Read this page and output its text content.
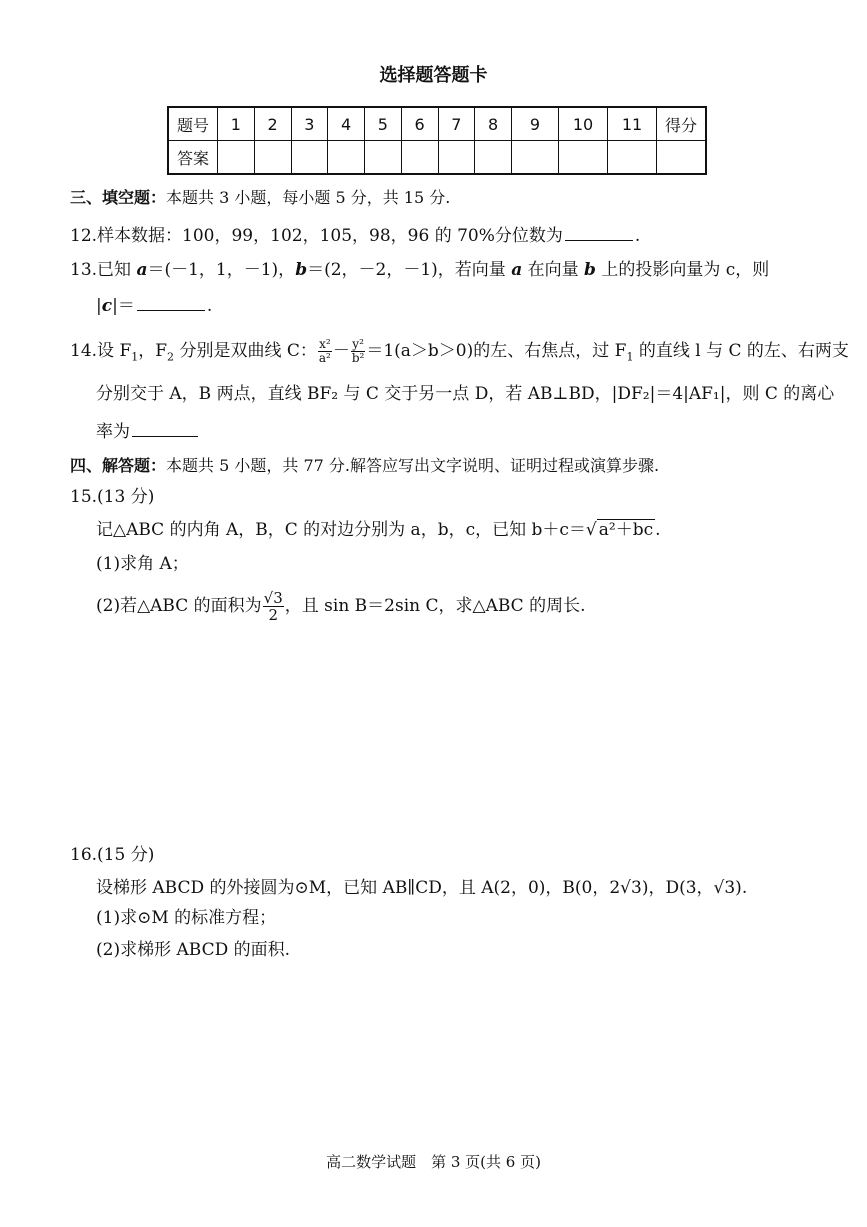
选择题答题卡
题号	1	2	3	4	5	6	7	8	9	10	11	得分
答案												
三、填空题：本题共 3 小题，每小题 5 分，共 15 分.
12.样本数据：100，99，102，105，98，96 的 70%分位数为	.
13.已知 a＝(－1，1，－1)，b＝(2，－2，－1)，若向量 a 在向量 b 上的投影向量为 c，则
|c|＝	.
14.设 $F_1$，$F_2$ 分别是双曲线 C： $\frac{\text{x²}}{\text{a²}} - \frac{\text{y²}}{\text{b²}} =1(a>b>0)$的左、右焦点，过 $F_1$ 的直线 l 与 C 的左、右两支
分别交于 A，B 两点，直线 BF₂ 与 C 交于另一点 D，若 AB⊥BD，|DF₂|＝4|AF₁|，则 C 的离心
率为
四、解答题：本题共 5 小题，共 77 分.解答应写出文字说明、证明过程或演算步骤.
15.(13 分)
记△ABC 的内角 A，B，C 的对边分别为 a，b，c，已知 b＋c＝√ a²＋bc .
(1)求角 A；
(2)若△ABC 的面积为 $\frac{√3}{2}$ ，且 sin B＝2sin C，求△ABC 的周长.
16.(15 分)
设梯形 ABCD 的外接圆为⊙M，已知 AB∥CD，且 A(2，0)，B(0，2√3)，D(3，√3).
(1)求⊙M 的标准方程；
(2)求梯形 ABCD 的面积.
高二数学试题　第 3 页(共 6 页)
